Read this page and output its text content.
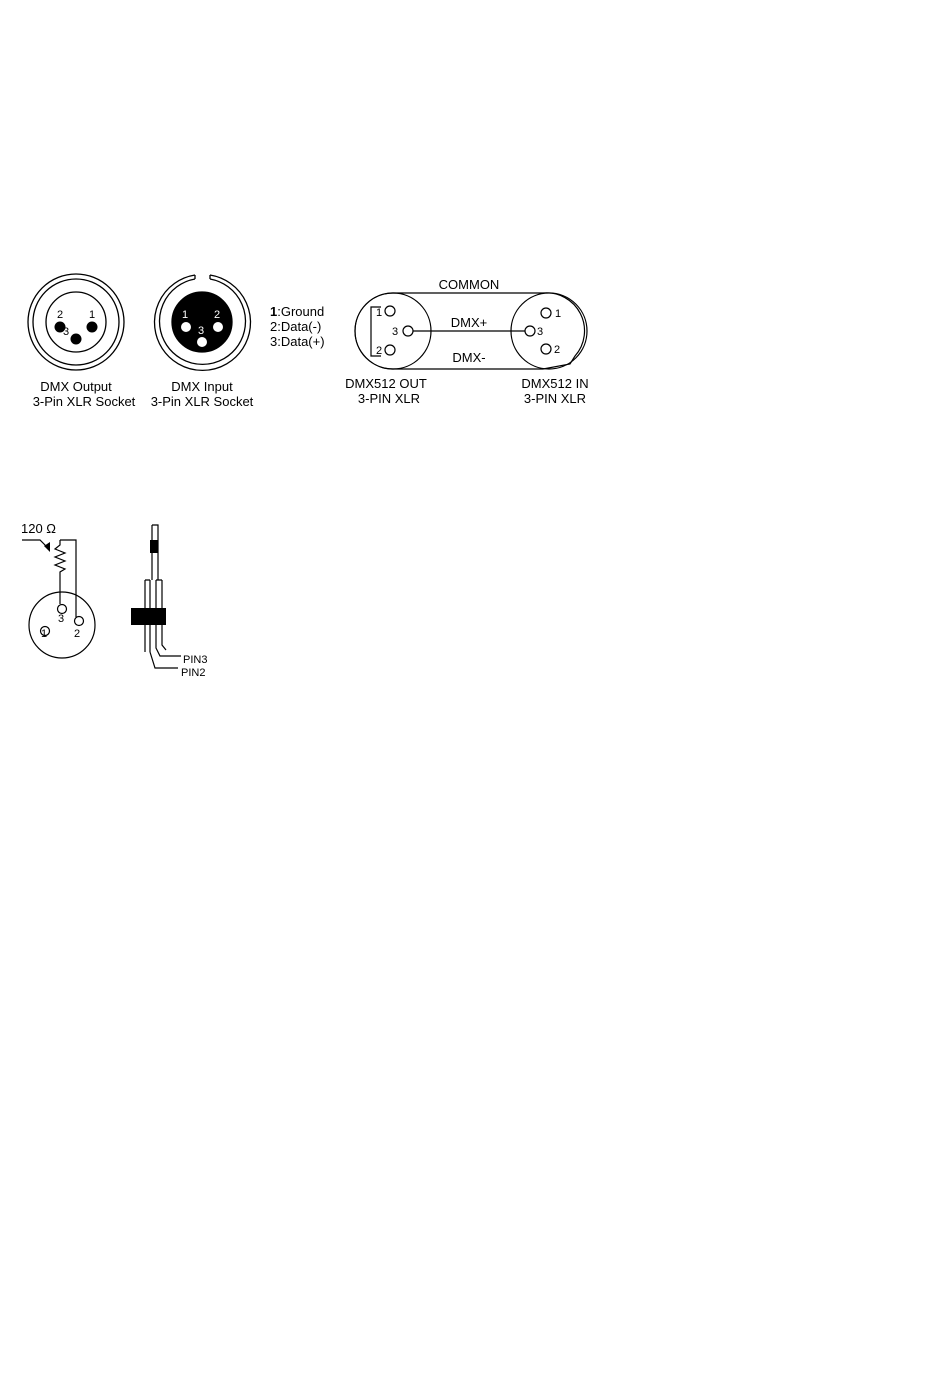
2 1
3
DMX Output
3-Pin XLR Socket
1 2
3
DMX Input
3-Pin XLR Socket
1:Ground
2:Data(-)
3:Data(+)
1
3
2
1
3
2
COMMON
DMX+
DMX-
DMX512 OUT
3-PIN XLR
DMX512 IN
3-PIN XLR
120 Ω
1
3
2
PIN3
PIN2
